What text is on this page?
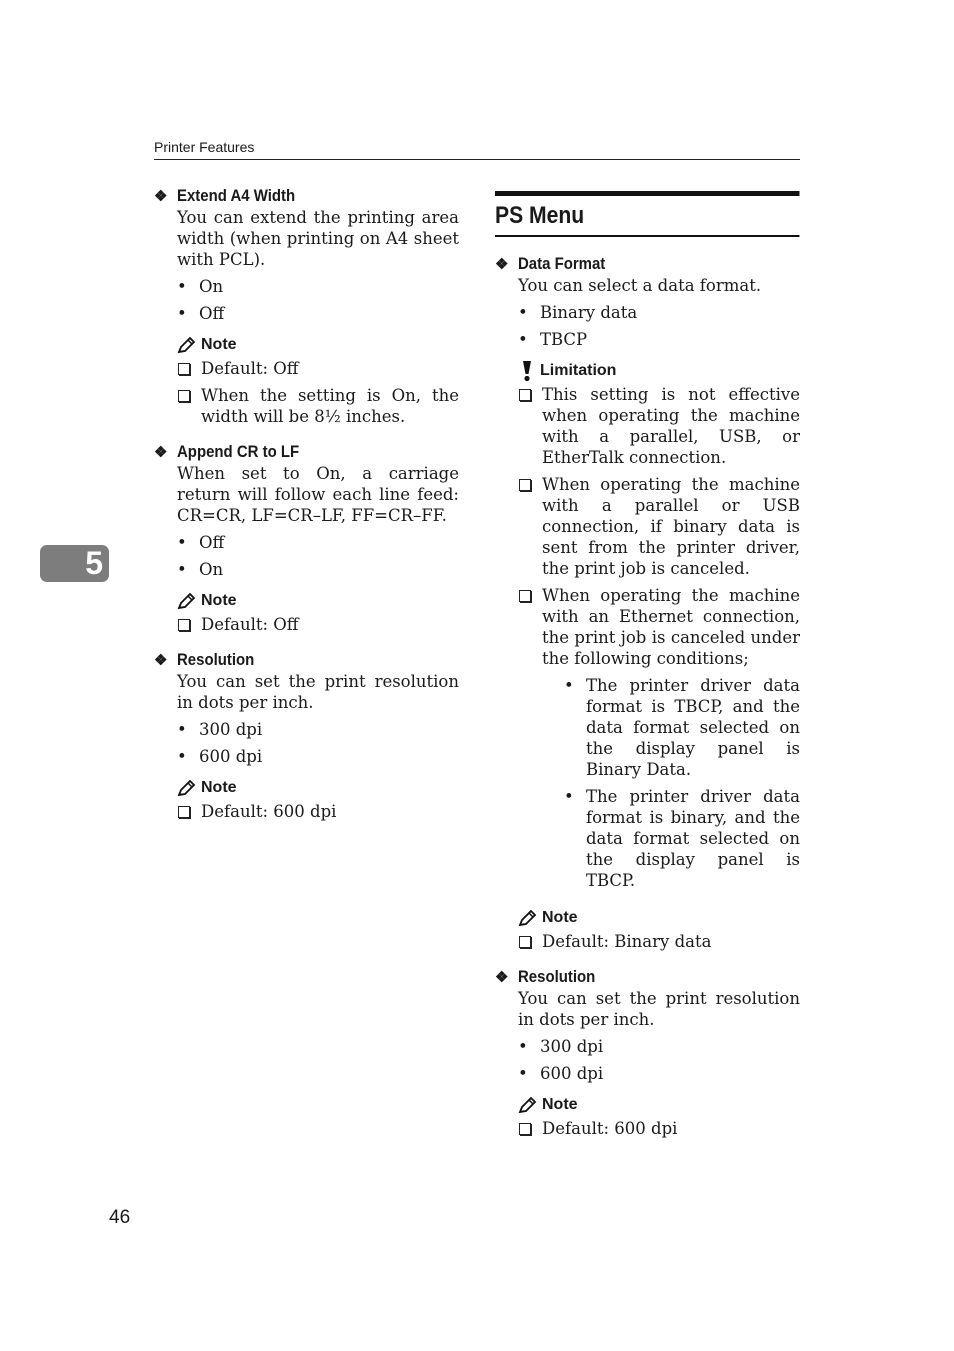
Printer Features
5
❖ Extend A4 Width
You can extend the printing area width (when printing on A4 sheet with PCL).
• On
• Off
Note
Default: Off
When the setting is On, the width will be 8½ inches.
❖ Append CR to LF
When set to On, a carriage return will follow each line feed: CR=CR, LF=CR–LF, FF=CR–FF.
• Off
• On
Note
Default: Off
❖ Resolution
You can set the print resolution in dots per inch.
• 300 dpi
• 600 dpi
Note
Default: 600 dpi
PS Menu
❖ Data Format
You can select a data format.
• Binary data
• TBCP
Limitation
This setting is not effective when operating the machine with a parallel, USB, or EtherTalk connection.
When operating the machine with a parallel or USB connection, if binary data is sent from the printer driver, the print job is canceled.
When operating the machine with an Ethernet connection, the print job is canceled under the following conditions;
• The printer driver data format is TBCP, and the data format selected on the display panel is Binary Data.
• The printer driver data format is binary, and the data format selected on the display panel is TBCP.
Note
Default: Binary data
❖ Resolution
You can set the print resolution in dots per inch.
• 300 dpi
• 600 dpi
Note
Default: 600 dpi
46
